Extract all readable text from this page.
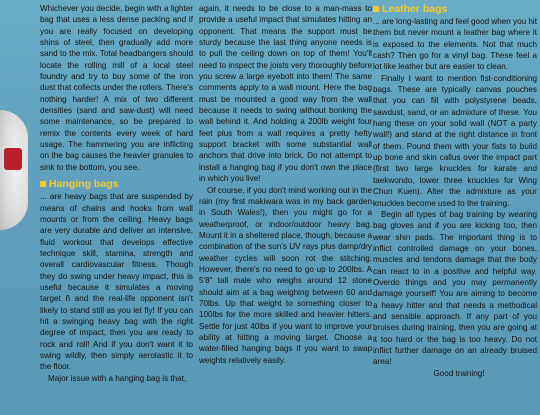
Whichever you decide, begin with a lighter bag that uses a less dense packing and if you are really focused on developing shins of steel, then gradually add more sand to the mix. Total headbangers should locate the rolling mill of a local steel foundry and try to buy some of the iron dust that collects under the rollers. There's nothing harder! A mix of two different densities (sand and saw-dust) will need some maintenance, so be prepared to remix the contents every week of hard usage. The hammering you are inflicting on the bag causes the heavier granules to sink to the bottom, you see.

Hanging bags

... are heavy bags that are suspended by means of chains and hooks from wall mounts or from the ceiling. Heavy bags are very durable and deliver an intensive, fluid workout that develops effective technique skill, stamina, strength and overall cardiovascular fitness. Though they do swing under heavy impact, this is useful because it simulates a moving target ñ and the real-life opponent isn't likely to stand still as you let fly! If you can hit a swinging heavy bag with the right degree of impact, then you are ready to rock and roll! And if you don't want it to swing wildly, then simply aerolastic it to the floor.

Major issue with a hanging bag is that,

again, it needs to be close to a man-mass to provide a useful impact that simulates hitting an opponent. That means the support must be sturdy because the last thing anyone needs is to pull the ceiling down on top of them! You'll need to inspect the joists very thoroughly before you screw a large eyebolt into them! The same comments apply to a wall mount. Here the bag must be mounted a good way from the wall because it needs to swing without bonking the wall behind it. And holding a 200lb weight four feet plus from a wall requires a pretty hefty support bracket with some substantial wall anchors that drive into brick. Do not attempt to install a hanging bag if you don't own the place in which you live!

Of course, if you don't mind working out in the rain (my first makiwara was in my back garden in South Wales!), then you might go for a weatherproof, or indoor/outdoor heavy bag. Mount it in a sheltered place, though, because a combination of the sun's UV rays plus damp/dry weather cycles will soon rot the stitching. However, there's no need to go up to 200lbs. A 5'8" tall male who weighs around 12 stone should aim at a bag weighing between 60 and 70lbs. Up that weight to something closer to 100lbs for the more skilled and heavier hitters. Settle for just 40lbs if you want to improve your ability at hitting a moving target. Choose a water-filled hanging bags if you want to swap weights relatively easily.

Leather bags

... are long-lasting and feel good when you hit them but never mount a leather bag where it is exposed to the elements. Not that much cash? Then go for a vinyl bag. These feel a lot like leather but are easier to clean.

Finally I want to mention fist-conditioning bags. These are typically canvas pouches that you can fill with polystyrene beads, sawdust, sand, or an admixture of these. You hang these on your solid wall (NOT a party wall!) and stand at the right distance in front of them. Pound them with your fists to build up bone and skin callus over the impact part (first two large knuckles for karate and taekwondo, lower three knuckles for Wing Chun Kuen). Alter the admixture as your knuckles become used to the training.

Begin all types of bag training by wearing bag gloves and if you are kicking too, then wear shin pads. The important thing is to inflict controlled damage on your bones, muscles and tendons damage that the body can react to in a positive and helpful way. Overdo things and you may permanently damage yourself! You are aiming to become a heavy hitter and that needs a methodical and sensible approach. If any part of you bruises during training, then you are going at it too hard or the bag is too heavy. Do not inflict further damage on an already bruised area!

Good training!
